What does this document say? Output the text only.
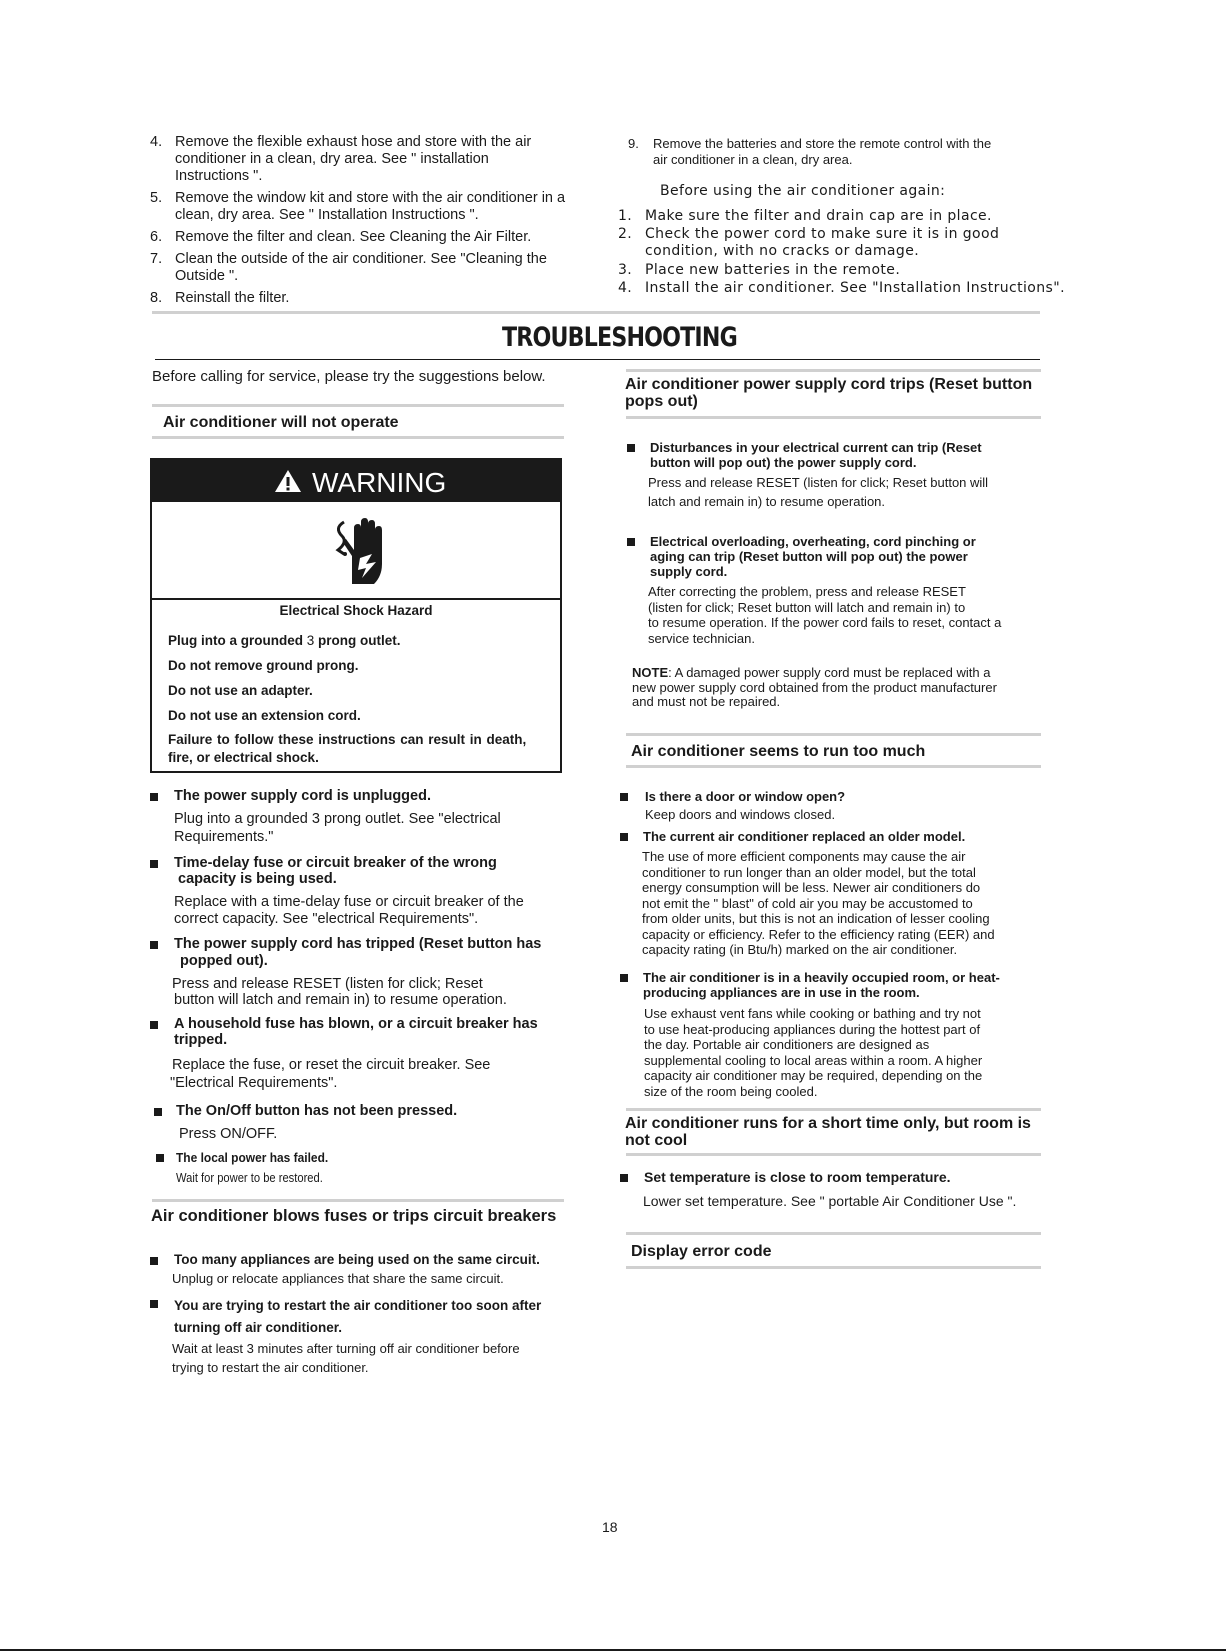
4. Remove the flexible exhaust hose and store with the air
conditioner in a clean, dry area. See " installation
Instructions ".
5. Remove the window kit and store with the air conditioner in a
clean, dry area. See " Installation Instructions ".
6. Remove the filter and clean. See Cleaning the Air Filter.
7. Clean the outside of the air conditioner. See "Cleaning the
Outside ".
8. Reinstall the filter.
9. Remove the batteries and store the remote control with the
air conditioner in a clean, dry area.
Before using the air conditioner again:
1. Make sure the filter and drain cap are in place.
2. Check the power cord to make sure it is in good
condition, with no cracks or damage.
3. Place new batteries in the remote.
4. Install the air conditioner. See "Installation Instructions".
TROUBLESHOOTING
Before calling for service, please try the suggestions below.
Air conditioner will not operate
WARNING
Electrical Shock Hazard
Plug into a grounded 3 prong outlet.
Do not remove ground prong.
Do not use an adapter.
Do not use an extension cord.
Failure to follow these instructions can result in death,
fire, or electrical shock.
The power supply cord is unplugged.
Plug into a grounded 3 prong outlet. See "electrical
Requirements."
Time-delay fuse or circuit breaker of the wrong
capacity is being used.
Replace with a time-delay fuse or circuit breaker of the
correct capacity. See "electrical Requirements".
The power supply cord has tripped (Reset button has
popped out).
Press and release RESET (listen for click; Reset
button will latch and remain in) to resume operation.
A household fuse has blown, or a circuit breaker has
tripped.
Replace the fuse, or reset the circuit breaker. See
"Electrical Requirements".
The On/Off button has not been pressed.
Press ON/OFF.
The local power has failed.
Wait for power to be restored.
Air conditioner blows fuses or trips circuit breakers
Too many appliances are being used on the same circuit.
Unplug or relocate appliances that share the same circuit.
You are trying to restart the air conditioner too soon after
turning off air conditioner.
Wait at least 3 minutes after turning off air conditioner before
trying to restart the air conditioner.
Air conditioner power supply cord trips (Reset button
pops out)
Disturbances in your electrical current can trip (Reset
button will pop out) the power supply cord.
Press and release RESET (listen for click; Reset button will
latch and remain in) to resume operation.
Electrical overloading, overheating, cord pinching or
aging can trip (Reset button will pop out) the power
supply cord.
After correcting the problem, press and release RESET
(listen for click; Reset button will latch and remain in) to
to resume operation. If the power cord fails to reset, contact a
service technician.
NOTE: A damaged power supply cord must be replaced with a
new power supply cord obtained from the product manufacturer
and must not be repaired.
Air conditioner seems to run too much
Is there a door or window open?
Keep doors and windows closed.
The current air conditioner replaced an older model.
The use of more efficient components may cause the air
conditioner to run longer than an older model, but the total
energy consumption will be less. Newer air conditioners do
not emit the " blast" of cold air you may be accustomed to
from older units, but this is not an indication of lesser cooling
capacity or efficiency. Refer to the efficiency rating (EER) and
capacity rating (in Btu/h) marked on the air conditioner.
The air conditioner is in a heavily occupied room, or heat-
producing appliances are in use in the room.
Use exhaust vent fans while cooking or bathing and try not
to use heat-producing appliances during the hottest part of
the day. Portable air conditioners are designed as
supplemental cooling to local areas within a room. A higher
capacity air conditioner may be required, depending on the
size of the room being cooled.
Air conditioner runs for a short time only, but room is
not cool
Set temperature is close to room temperature.
Lower set temperature. See " portable Air Conditioner Use ".
Display error code
18
